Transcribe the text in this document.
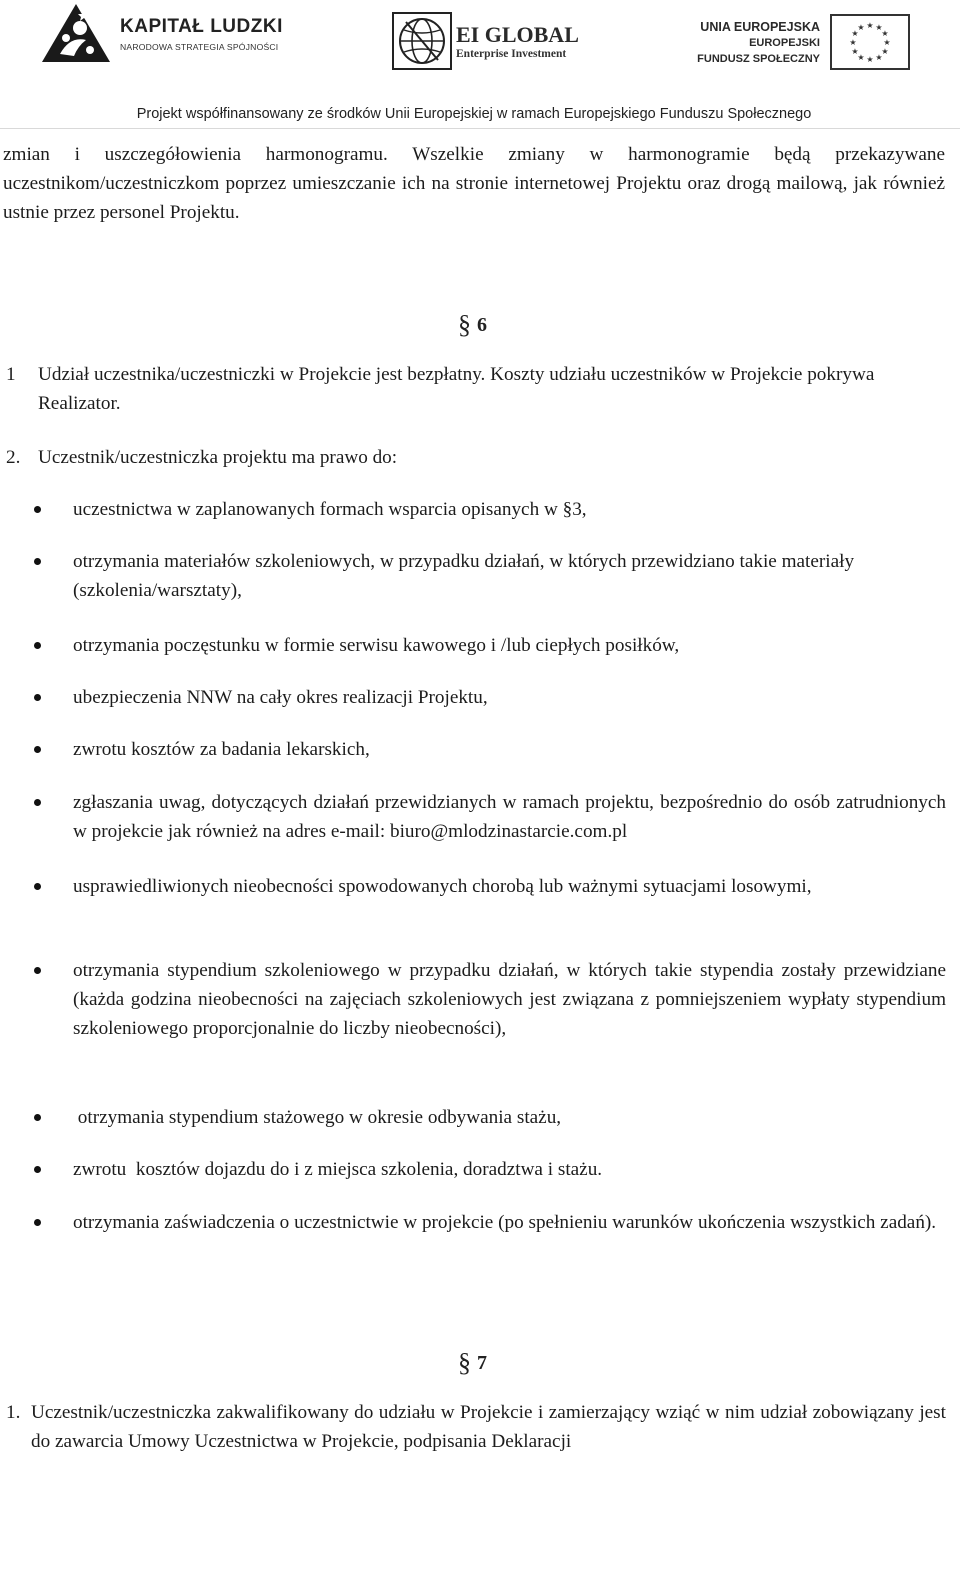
KAPITAŁ LUDZKI
NARODOWA STRATEGIA SPÓJNOŚCI	EI GLOBAL
Enterprise Investment
UNIA EUROPEJSKA
EUROPEJSKI
FUNDUSZ SPOŁECZNY
★ ★
★
★
★
★
★
★
★
★
★
★
Projekt współfinansowany ze środków Unii Europejskiej w ramach Europejskiego Funduszu Społecznego
zmian i uszczegółowienia harmonogramu. Wszelkie zmiany w harmonogramie będą przekazywane uczestnikom/uczestniczkom poprzez umieszczanie ich na stronie internetowej Projektu oraz drogą mailową, jak również ustnie przez personel Projektu.
§ 6
1 Udział uczestnika/uczestniczki w Projekcie jest bezpłatny. Koszty udziału uczestników w Projekcie pokrywa Realizator.
2. Uczestnik/uczestniczka projektu ma prawo do:
uczestnictwa w zaplanowanych formach wsparcia opisanych w §3,
otrzymania materiałów szkoleniowych, w przypadku działań, w których przewidziano takie materiały (szkolenia/warsztaty),
otrzymania poczęstunku w formie serwisu kawowego i /lub ciepłych posiłków,
ubezpieczenia NNW na cały okres realizacji Projektu,
zwrotu kosztów za badania lekarskich,
zgłaszania uwag, dotyczących działań przewidzianych w ramach projektu, bezpośrednio do osób zatrudnionych w projekcie jak również na adres e-mail: biuro@mlodzinastarcie.com.pl
usprawiedliwionych nieobecności spowodowanych chorobą lub ważnymi sytuacjami losowymi,
otrzymania stypendium szkoleniowego w przypadku działań, w których takie stypendia zostały przewidziane (każda godzina nieobecności na zajęciach szkoleniowych jest związana z pomniejszeniem wypłaty stypendium szkoleniowego proporcjonalnie do liczby nieobecności),
otrzymania stypendium stażowego w okresie odbywania stażu,
zwrotu  kosztów dojazdu do i z miejsca szkolenia, doradztwa i stażu.
otrzymania zaświadczenia o uczestnictwie w projekcie (po spełnieniu warunków ukończenia wszystkich zadań).
§ 7
1. Uczestnik/uczestniczka zakwalifikowany do udziału w Projekcie i zamierzający wziąć w nim udział zobowiązany jest do zawarcia Umowy Uczestnictwa w Projekcie, podpisania Deklaracji
